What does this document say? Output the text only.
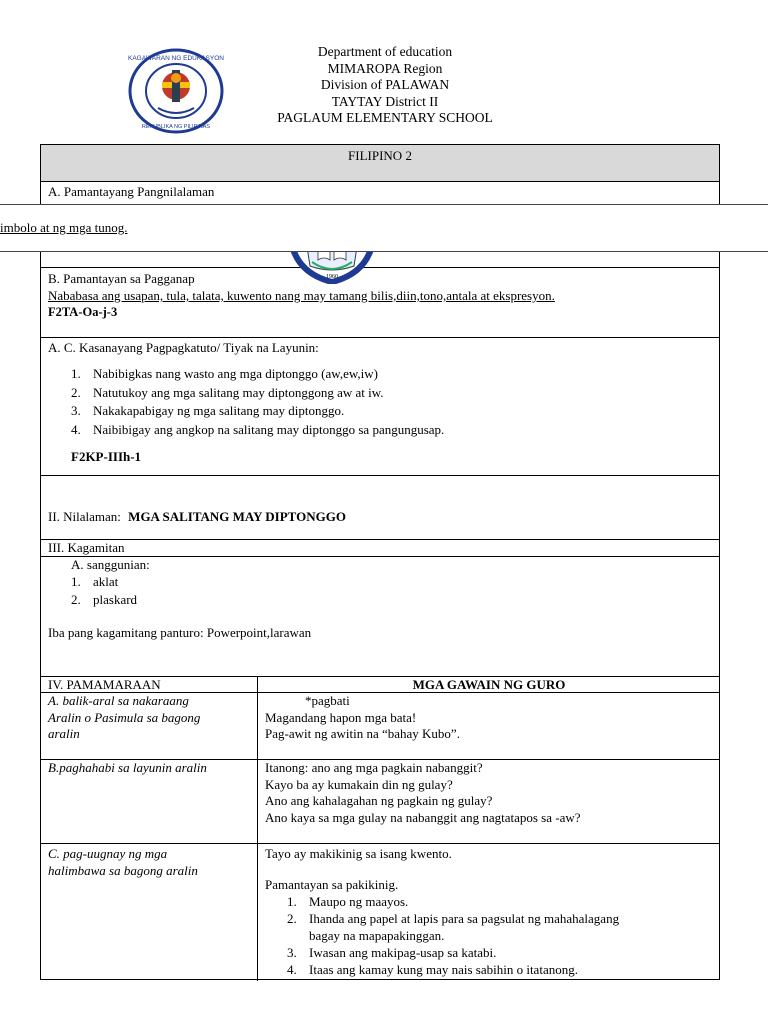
KAGAWARAN NG EDUKASYON
REPUBLIKA NG PILIPINAS
Department of education
MIMAROPA Region
Division of PALAWAN
TAYTAY District II
PAGLAUM ELEMENTARY SCHOOL
FILIPINO 2
A. Pamantayang Pangnilalaman
B. Pamantayan sa Pagganap
Nababasa ang usapan, tula, talata, kuwento nang may tamang bilis,diin,tono,antala at ekspresyon.
F2TA-Oa-j-3
A. C. Kasanayang Pagpagkatuto/ Tiyak na Layunin:
1. Nabibigkas nang wasto ang mga diptonggo (aw,ew,iw)
2. Natutukoy ang mga salitang may diptonggong aw at iw.
3. Nakakapabigay ng mga salitang may diptonggo.
4. Naibibigay ang angkop na salitang may diptonggo sa pangungusap.
F2KP-IIIh-1
II. Nilalaman: MGA SALITANG MAY DIPTONGGO
III. Kagamitan
A. sanggunian:
1. aklat
2. plaskard
Iba pang kagamitang panturo: Powerpoint,larawan
IV. PAMAMARAAN	MGA GAWAIN NG GURO
A. balik-aral sa nakaraang
Aralin o Pasimula sa bagong
aralin
*pagbati
Magandang hapon mga bata!
Pag-awit ng awitin na “bahay Kubo”.
B.paghahabi sa layunin aralin	Itanong: ano ang mga pagkain nabanggit?
Kayo ba ay kumakain din ng gulay?
Ano ang kahalagahan ng pagkain ng gulay?
Ano kaya sa mga gulay na nabanggit ang nagtatapos sa -aw?
C. pag-uugnay ng mga
halimbawa sa bagong aralin
Tayo ay makikinig sa isang kwento.
Pamantayan sa pakikinig.
1. Maupo ng maayos.
2. Ihanda ang papel at lapis para sa pagsulat ng mahahalagang
bagay na mapapakinggan.
3. Iwasan ang makipag-usap sa katabi.
4. Itaas ang kamay kung may nais sabihin o itatanong.
1960
imbolo at ng mga tunog.
